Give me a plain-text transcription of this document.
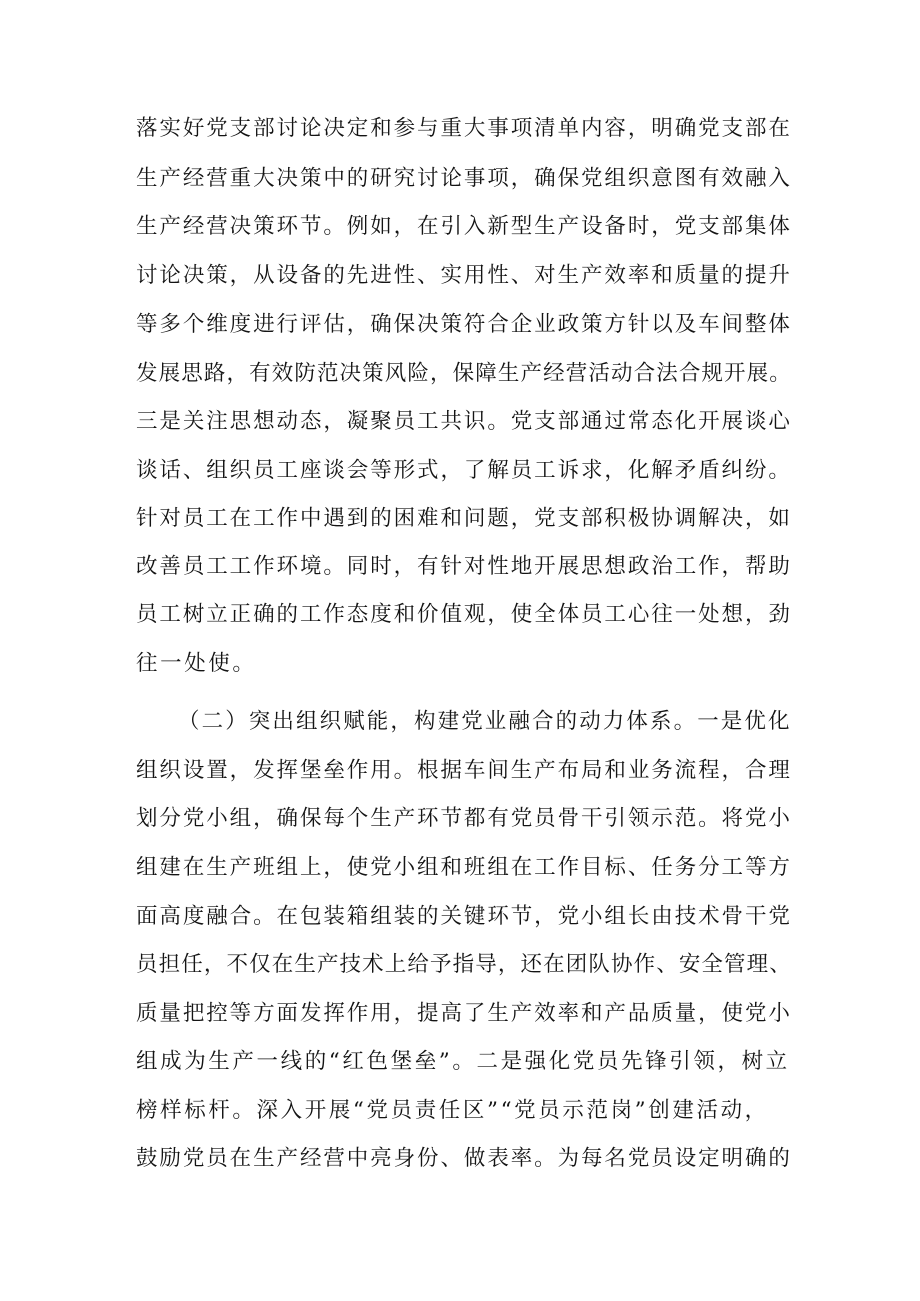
落实好党支部讨论决定和参与重大事项清单内容，明确党支部在

生产经营重大决策中的研究讨论事项，确保党组织意图有效融入

生产经营决策环节。例如，在引入新型生产设备时，党支部集体

讨论决策，从设备的先进性、实用性、对生产效率和质量的提升

等多个维度进行评估，确保决策符合企业政策方针以及车间整体

发展思路，有效防范决策风险，保障生产经营活动合法合规开展。

三是关注思想动态，凝聚员工共识。党支部通过常态化开展谈心

谈话、组织员工座谈会等形式，了解员工诉求，化解矛盾纠纷。

针对员工在工作中遇到的困难和问题，党支部积极协调解决，如

改善员工工作环境。同时，有针对性地开展思想政治工作，帮助

员工树立正确的工作态度和价值观，使全体员工心往一处想，劲

往一处使。

（二）突出组织赋能，构建党业融合的动力体系。一是优化

组织设置，发挥堡垒作用。根据车间生产布局和业务流程，合理

划分党小组，确保每个生产环节都有党员骨干引领示范。将党小

组建在生产班组上，使党小组和班组在工作目标、任务分工等方

面高度融合。在包装箱组装的关键环节，党小组长由技术骨干党

员担任，不仅在生产技术上给予指导，还在团队协作、安全管理、

质量把控等方面发挥作用，提高了生产效率和产品质量，使党小

组成为生产一线的“红色堡垒”。二是强化党员先锋引领，树立

榜样标杆。深入开展“党员责任区”“党员示范岗”创建活动，

鼓励党员在生产经营中亮身份、做表率。为每名党员设定明确的
